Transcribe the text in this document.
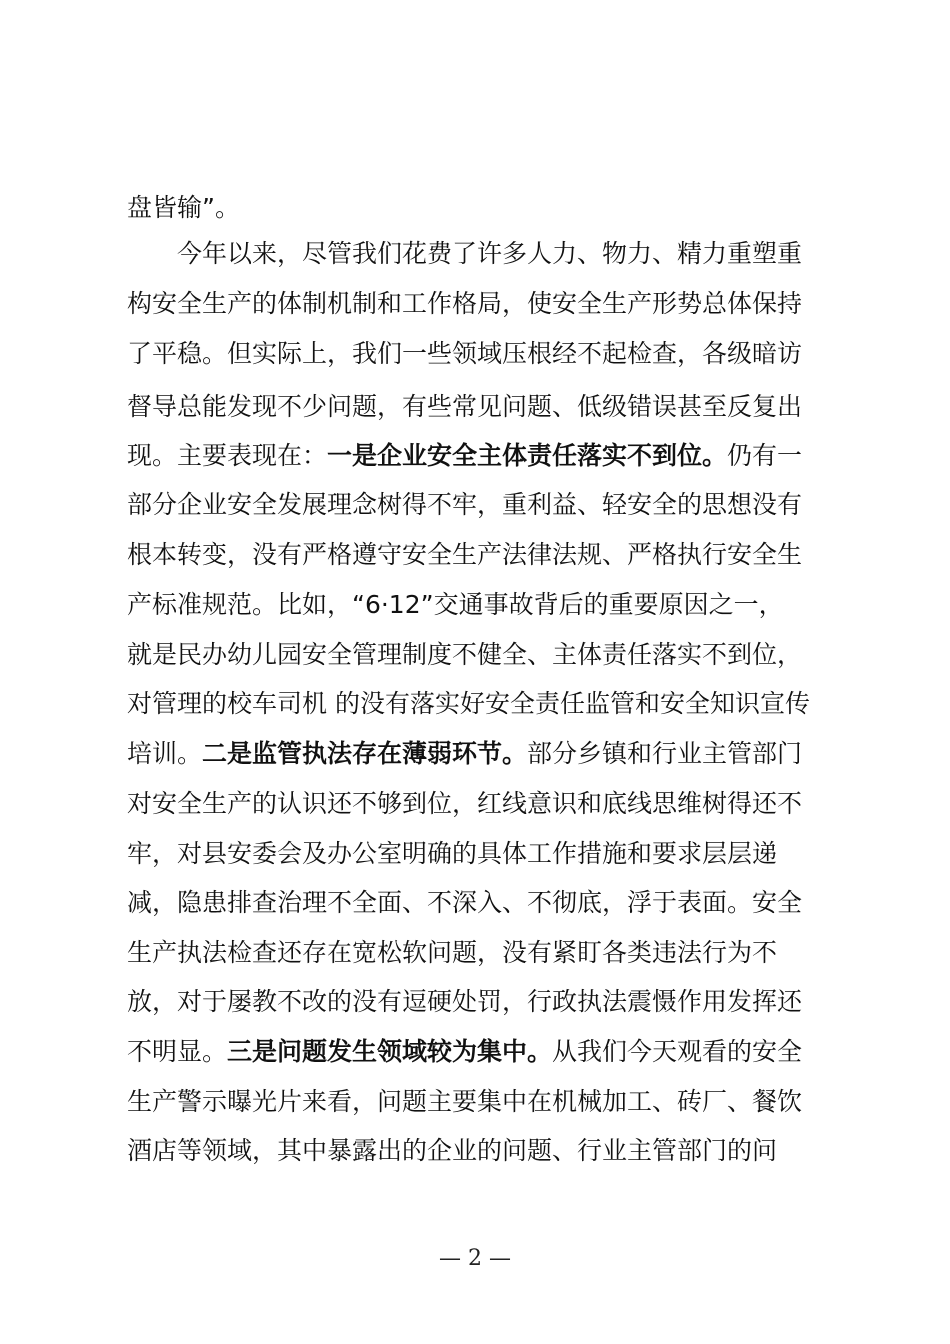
盘皆输”。
今年以来，尽管我们花费了许多人力、物力、精力重塑重
构安全生产的体制机制和工作格局，使安全生产形势总体保持
了平稳。但实际上，我们一些领域压根经不起检查，各级暗访
督导总能发现不少问题，有些常见问题、低级错误甚至反复出
现。主要表现在：一是企业安全主体责任落实不到位。仍有一
部分企业安全发展理念树得不牢，重利益、轻安全的思想没有
根本转变，没有严格遵守安全生产法律法规、严格执行安全生
产标准规范。比如，“6·12”交通事故背后的重要原因之一，
就是民办幼儿园安全管理制度不健全、主体责任落实不到位，
对管理的校车司机 的没有落实好安全责任监管和安全知识宣传
培训。二是监管执法存在薄弱环节。部分乡镇和行业主管部门
对安全生产的认识还不够到位，红线意识和底线思维树得还不
牢，对县安委会及办公室明确的具体工作措施和要求层层递
减，隐患排查治理不全面、不深入、不彻底，浮于表面。安全
生产执法检查还存在宽松软问题，没有紧盯各类违法行为不
放，对于屡教不改的没有逗硬处罚，行政执法震慑作用发挥还
不明显。三是问题发生领域较为集中。从我们今天观看的安全
生产警示曝光片来看，问题主要集中在机械加工、砖厂、餐饮
酒店等领域，其中暴露出的企业的问题、行业主管部门的问
— 2 —
